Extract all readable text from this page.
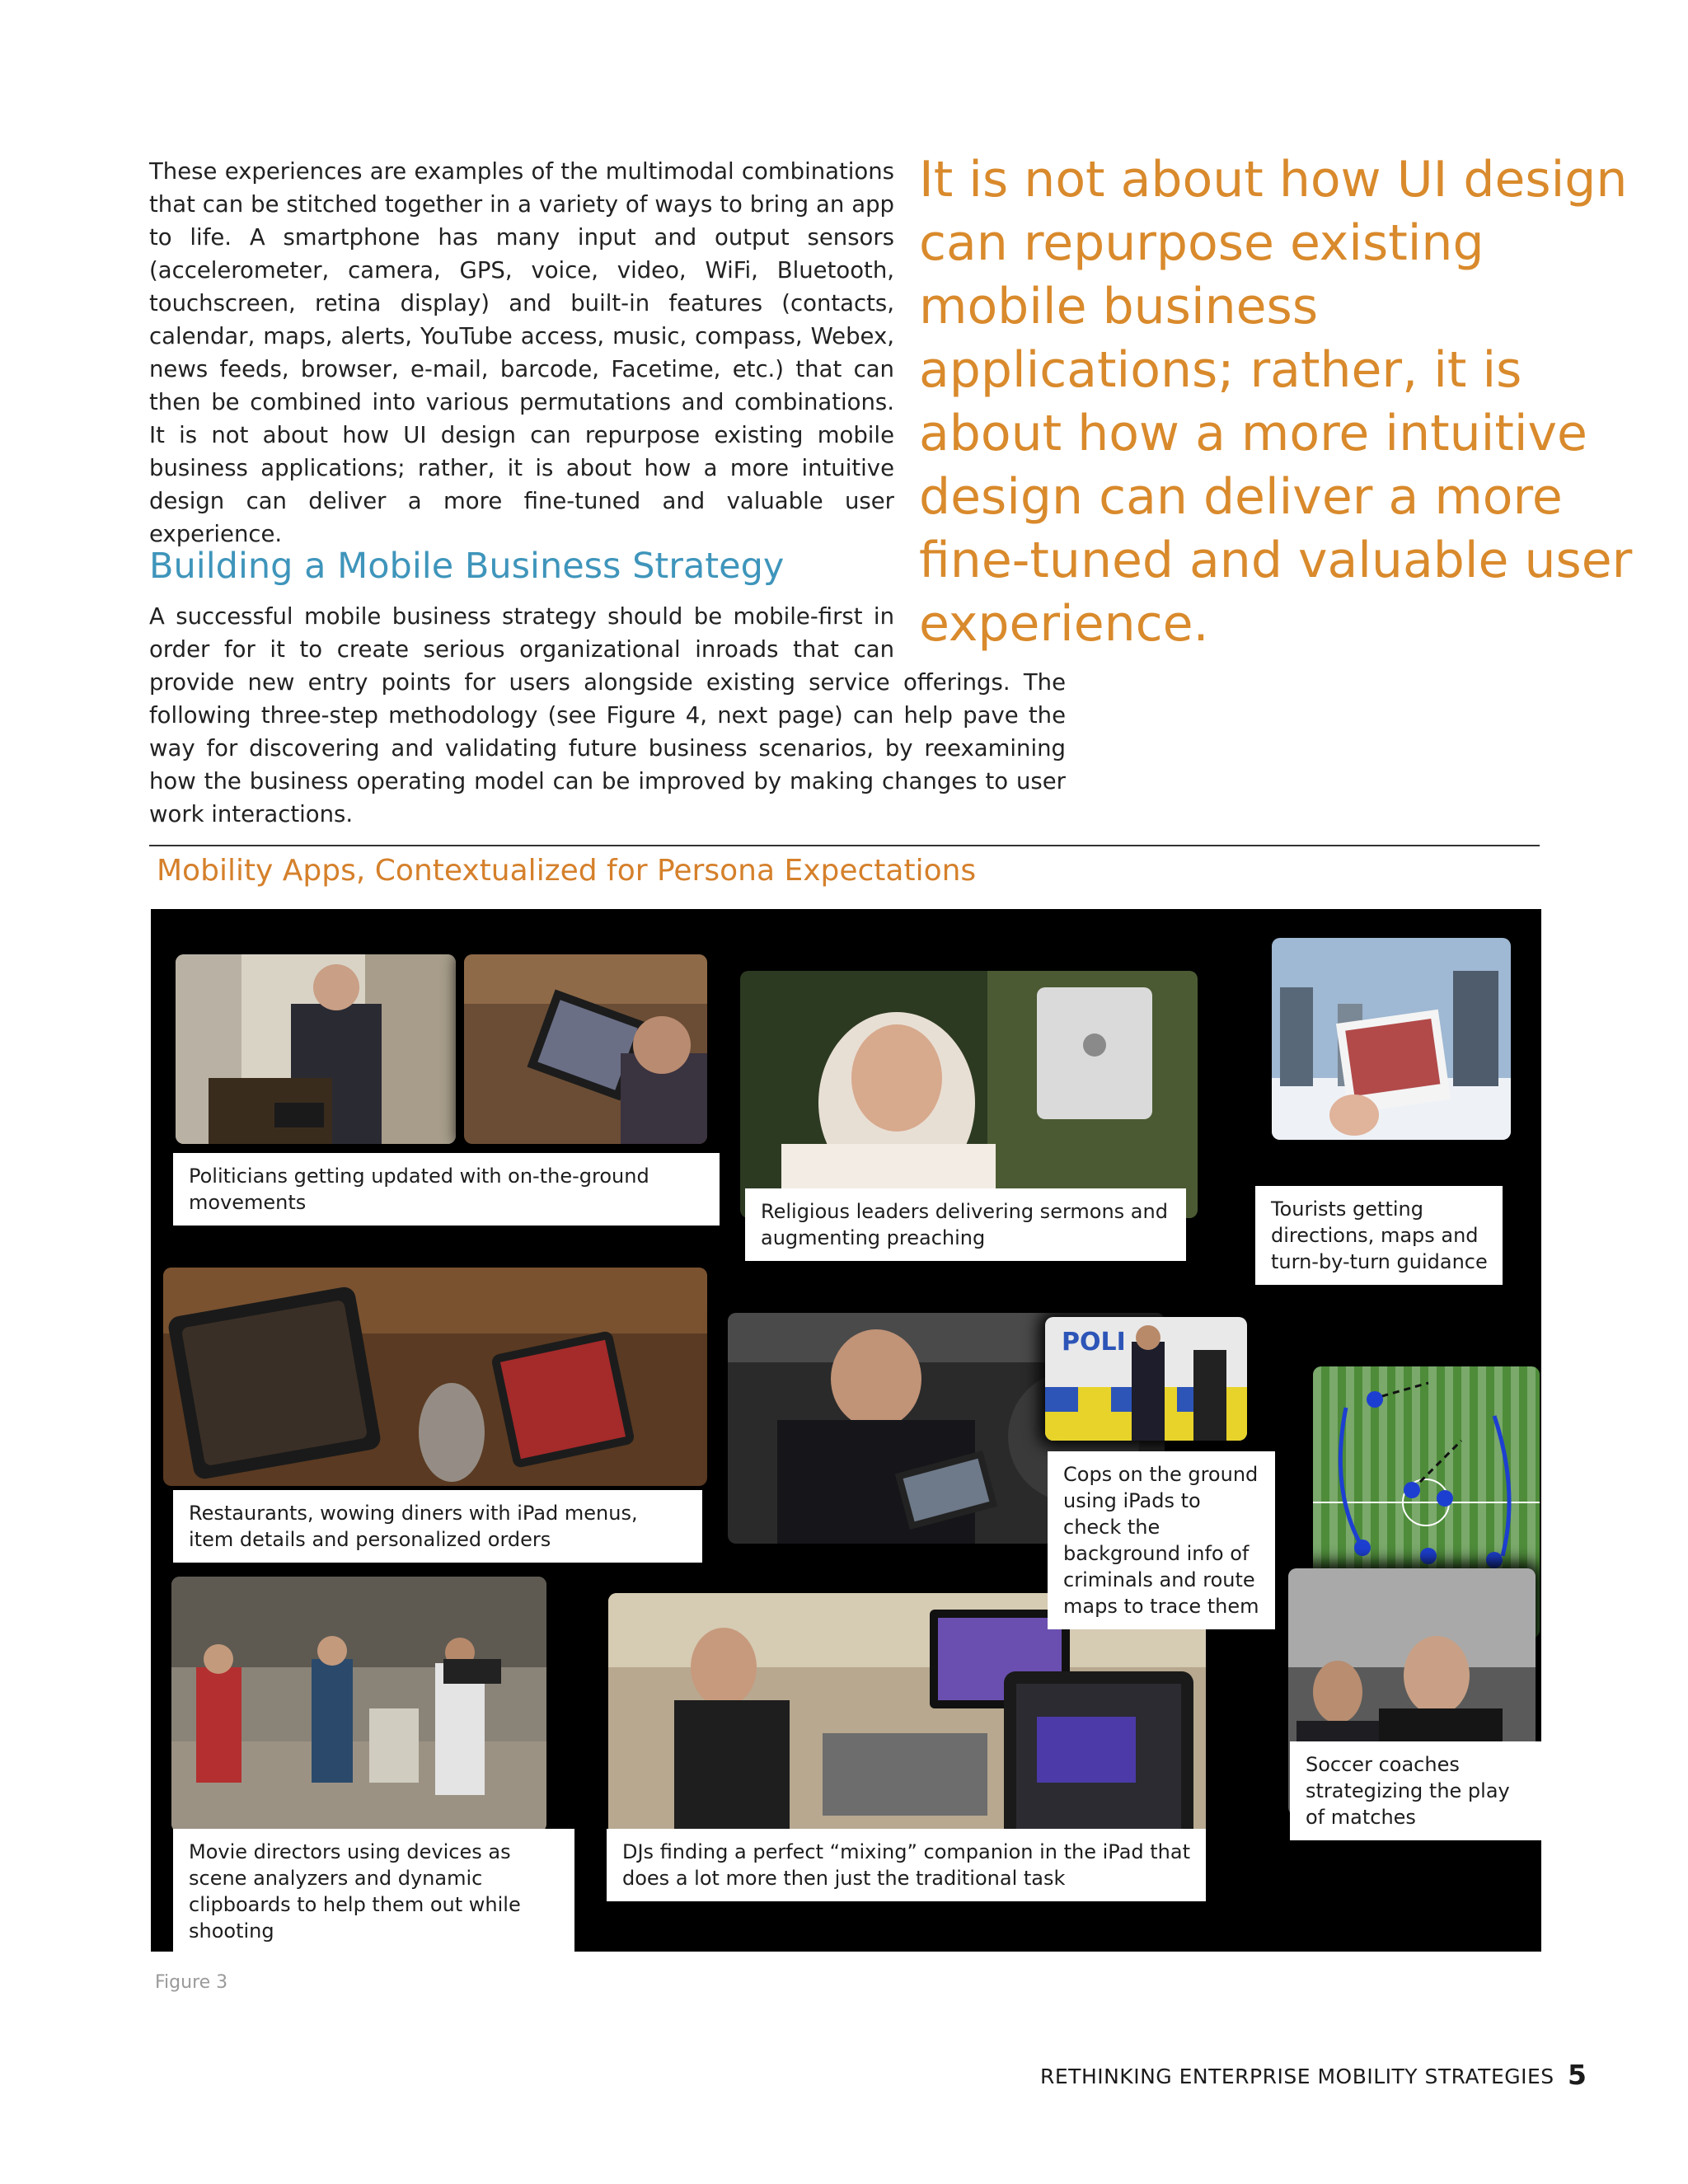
These experiences are examples of the multimodal combinations that can be stitched together in a variety of ways to bring an app to life. A smartphone has many input and output sensors (accelerometer, camera, GPS, voice, video, WiFi, Bluetooth, touchscreen, retina display) and built-in features (contacts, calendar, maps, alerts, YouTube access, music, compass, Webex, news feeds, browser, e-mail, barcode, Facetime, etc.) that can then be combined into various permutations and combinations. It is not about how UI design can repurpose existing mobile business applications; rather, it is about how a more intuitive design can deliver a more fine-tuned and valuable user experience.

Building a Mobile Business Strategy

A successful mobile business strategy should be mobile-first in order for it to create serious organizational inroads that can provide new entry points for users alongside existing service offerings. The following three-step methodology (see Figure 4, next page) can help pave the way for discovering and validating future business scenarios, by reexamining how the business operating model can be improved by making changes to user work interactions.

It is not about how UI design can repurpose existing mobile business applications; rather, it is about how a more intuitive design can deliver a more fine-tuned and valuable user experience.

Mobility Apps, Contextualized for Persona Expectations
POLI
Politicians getting updated with on-the-ground movements	Religious leaders delivering sermons and augmenting preaching
Tourists getting directions, maps and turn-by-turn guidance
Restaurants, wowing diners with iPad menus, item details and personalized orders
Cops on the ground using iPads to check the background info of criminals and route maps to trace them
Soccer coaches strategizing the play of matches
Movie directors using devices as scene analyzers and dynamic clipboards to help them out while shooting
DJs finding a perfect “mixing” companion in the iPad that does a lot more then just the traditional task

Figure 3

RETHINKING ENTERPRISE MOBILITY STRATEGIES 5
